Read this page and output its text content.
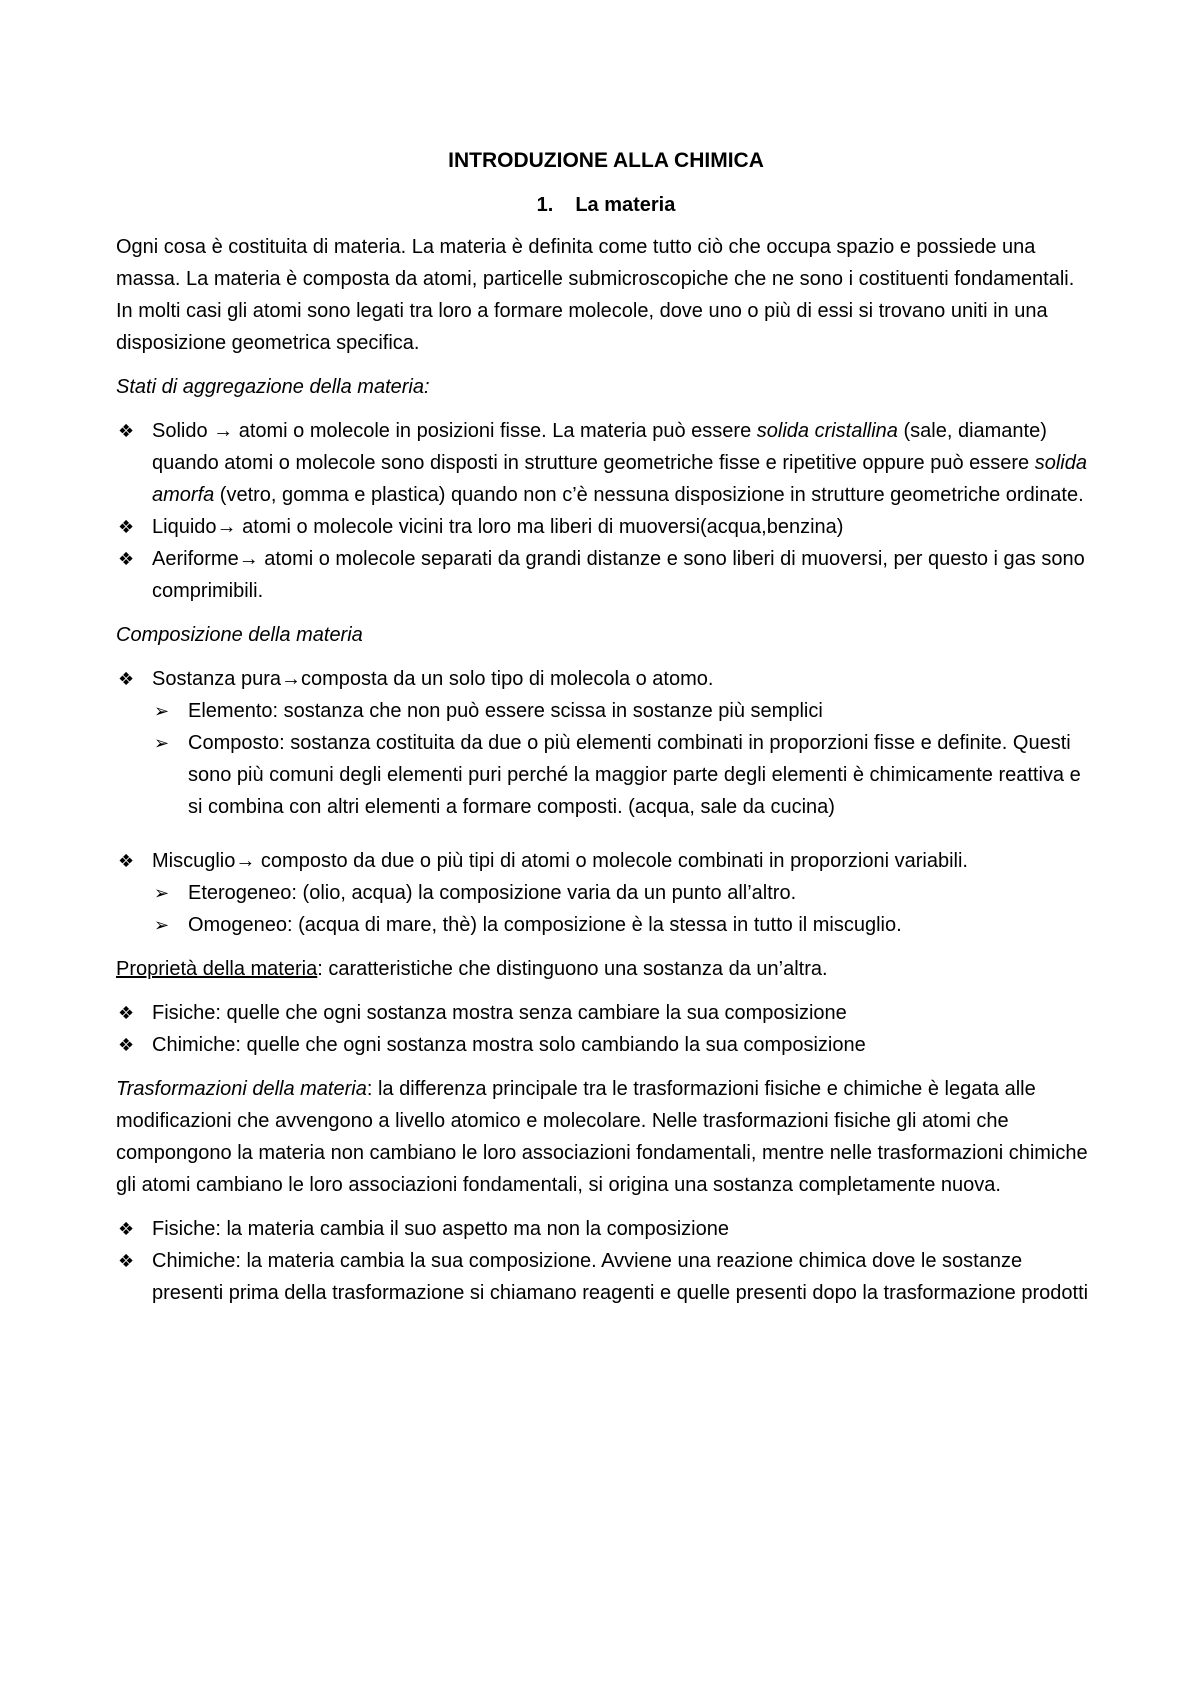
INTRODUZIONE ALLA CHIMICA
1. La materia

Ogni cosa è costituita di materia. La materia è definita come tutto ciò che occupa spazio e possiede una massa. La materia è composta da atomi, particelle submicroscopiche che ne sono i costituenti fondamentali. In molti casi gli atomi sono legati tra loro a formare molecole, dove uno o più di essi si trovano uniti in una disposizione geometrica specifica.

Stati di aggregazione della materia:
❖ Solido → atomi o molecole in posizioni fisse. La materia può essere solida cristallina (sale, diamante) quando atomi o molecole sono disposti in strutture geometriche fisse e ripetitive oppure può essere solida amorfa (vetro, gomma e plastica) quando non c’è nessuna disposizione in strutture geometriche ordinate.
❖ Liquido→ atomi o molecole vicini tra loro ma liberi di muoversi(acqua,benzina)
❖ Aeriforme→ atomi o molecole separati da grandi distanze e sono liberi di muoversi, per questo i gas sono comprimibili.
Composizione della materia
❖ Sostanza pura→composta da un solo tipo di molecola o atomo.
➢ Elemento: sostanza che non può essere scissa in sostanze più semplici
➢ Composto: sostanza costituita da due o più elementi combinati in proporzioni fisse e definite. Questi sono più comuni degli elementi puri perché la maggior parte degli elementi è chimicamente reattiva e si combina con altri elementi a formare composti. (acqua, sale da cucina)
❖ Miscuglio→ composto da due o più tipi di atomi o molecole combinati in proporzioni variabili.
➢ Eterogeneo: (olio, acqua) la composizione varia da un punto all’altro.
➢ Omogeneo: (acqua di mare, thè) la composizione è la stessa in tutto il miscuglio.

Proprietà della materia: caratteristiche che distinguono una sostanza da un’altra.

❖ Fisiche: quelle che ogni sostanza mostra senza cambiare la sua composizione
❖ Chimiche: quelle che ogni sostanza mostra solo cambiando la sua composizione

Trasformazioni della materia: la differenza principale tra le trasformazioni fisiche e chimiche è legata alle modificazioni che avvengono a livello atomico e molecolare. Nelle trasformazioni fisiche gli atomi che compongono la materia non cambiano le loro associazioni fondamentali, mentre nelle trasformazioni chimiche gli atomi cambiano le loro associazioni fondamentali, si origina una sostanza completamente nuova.

❖ Fisiche: la materia cambia il suo aspetto ma non la composizione
❖ Chimiche: la materia cambia la sua composizione. Avviene una reazione chimica dove le sostanze presenti prima della trasformazione si chiamano reagenti e quelle presenti dopo la trasformazione prodotti
